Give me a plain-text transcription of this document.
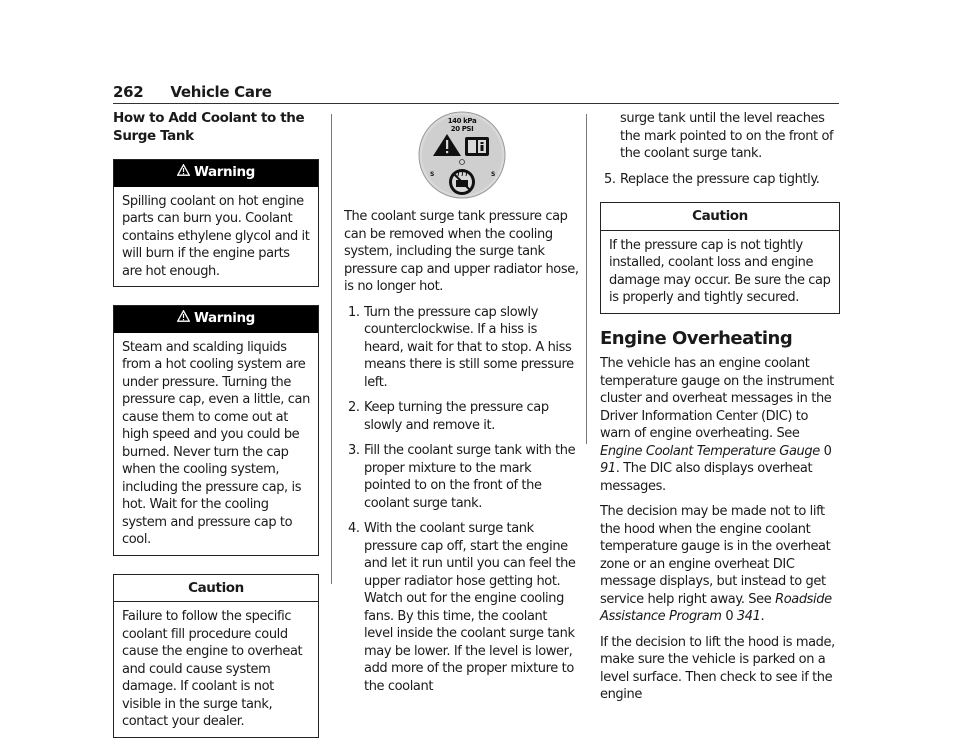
262 Vehicle Care
How to Add Coolant to the Surge Tank
Warning
Spilling coolant on hot engine parts can burn you. Coolant contains ethylene glycol and it will burn if the engine parts are hot enough.
Warning
Steam and scalding liquids from a hot cooling system are under pressure. Turning the pressure cap, even a little, can cause them to come out at high speed and you could be burned. Never turn the cap when the cooling system, including the pressure cap, is hot. Wait for the cooling system and pressure cap to cool.
Caution
Failure to follow the specific coolant fill procedure could cause the engine to overheat and could cause system damage. If coolant is not visible in the surge tank, contact your dealer.
140 kPa
20 PSI
S	S

The coolant surge tank pressure cap can be removed when the cooling system, including the surge tank pressure cap and upper radiator hose, is no longer hot.

1. Turn the pressure cap slowly counterclockwise. If a hiss is heard, wait for that to stop. A hiss means there is still some pressure left.
2. Keep turning the pressure cap slowly and remove it.
3. Fill the coolant surge tank with the proper mixture to the mark pointed to on the front of the coolant surge tank.
4. With the coolant surge tank pressure cap off, start the engine and let it run until you can feel the upper radiator hose getting hot. Watch out for the engine cooling fans. By this time, the coolant level inside the coolant surge tank may be lower. If the level is lower, add more of the proper mixture to the coolant
surge tank until the level reaches the mark pointed to on the front of the coolant surge tank.
5. Replace the pressure cap tightly.
Caution
If the pressure cap is not tightly installed, coolant loss and engine damage may occur. Be sure the cap is properly and tightly secured.
Engine Overheating

The vehicle has an engine coolant temperature gauge on the instrument cluster and overheat messages in the Driver Information Center (DIC) to warn of engine overheating. See Engine Coolant Temperature Gauge 0 91. The DIC also displays overheat messages.

The decision may be made not to lift the hood when the engine coolant temperature gauge is in the overheat zone or an engine overheat DIC message displays, but instead to get service help right away. See Roadside Assistance Program 0 341.

If the decision to lift the hood is made, make sure the vehicle is parked on a level surface. Then check to see if the engine
